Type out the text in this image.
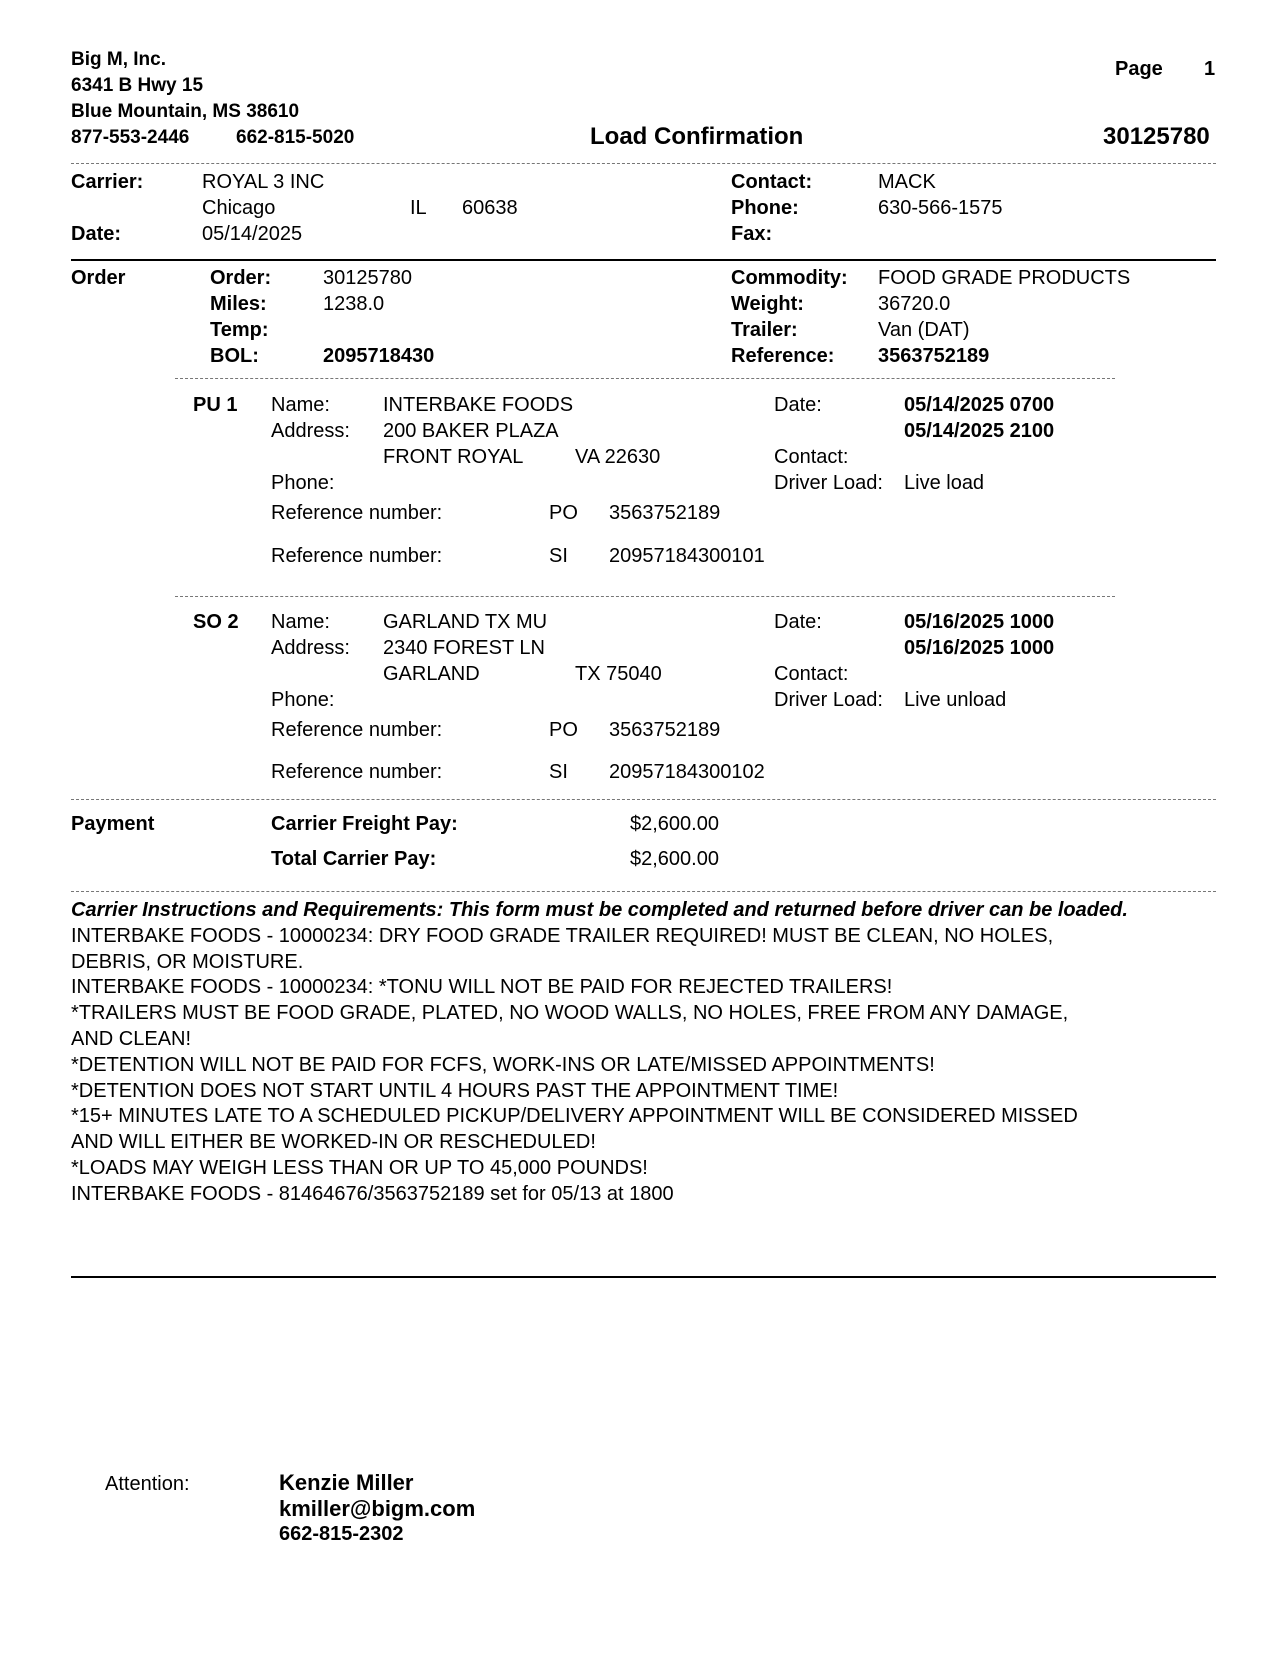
Big M, Inc.
6341 B Hwy 15
Blue Mountain, MS 38610
877-553-2446 662-815-5020
Page 1
Load Confirmation	30125780
Carrier:	ROYAL 3 INC
Chicago	IL 60638
Date:	05/14/2025
Contact:	MACK
Phone:	630-566-1575
Fax:
Order	Order:	30125780
Miles:	1238.0
Temp:
BOL:	2095718430
Commodity: FOOD GRADE PRODUCTS
Weight:	36720.0
Trailer:	Van (DAT)
Reference: 3563752189
PU 1 Name:	INTERBAKE FOODS
Address: 200 BAKER PLAZA
FRONT ROYAL	VA 22630
Phone:
Date:	05/14/2025 0700
05/14/2025 2100
Contact:
Driver Load: Live load
Reference number:	PO 3563752189
Reference number:	SI 20957184300101
SO 2 Name:	GARLAND TX MU
Address: 2340 FOREST LN
GARLAND	TX 75040
Phone:
Date:	05/16/2025 1000
05/16/2025 1000
Contact:
Driver Load: Live unload
Reference number:	PO 3563752189
Reference number:	SI 20957184300102
Payment	Carrier Freight Pay:	$2,600.00
Total Carrier Pay:	$2,600.00
Carrier Instructions and Requirements: This form must be completed and returned before driver can be loaded.
INTERBAKE FOODS - 10000234: DRY FOOD GRADE TRAILER REQUIRED! MUST BE CLEAN, NO HOLES,
DEBRIS, OR MOISTURE.
INTERBAKE FOODS - 10000234: *TONU WILL NOT BE PAID FOR REJECTED TRAILERS!
*TRAILERS MUST BE FOOD GRADE, PLATED, NO WOOD WALLS, NO HOLES, FREE FROM ANY DAMAGE,
AND CLEAN!
*DETENTION WILL NOT BE PAID FOR FCFS, WORK-INS OR LATE/MISSED APPOINTMENTS!
*DETENTION DOES NOT START UNTIL 4 HOURS PAST THE APPOINTMENT TIME!
*15+ MINUTES LATE TO A SCHEDULED PICKUP/DELIVERY APPOINTMENT WILL BE CONSIDERED MISSED
AND WILL EITHER BE WORKED-IN OR RESCHEDULED!
*LOADS MAY WEIGH LESS THAN OR UP TO 45,000 POUNDS!
INTERBAKE FOODS - 81464676/3563752189 set for 05/13 at 1800
Attention:	Kenzie Miller
kmiller@bigm.com
662-815-2302
